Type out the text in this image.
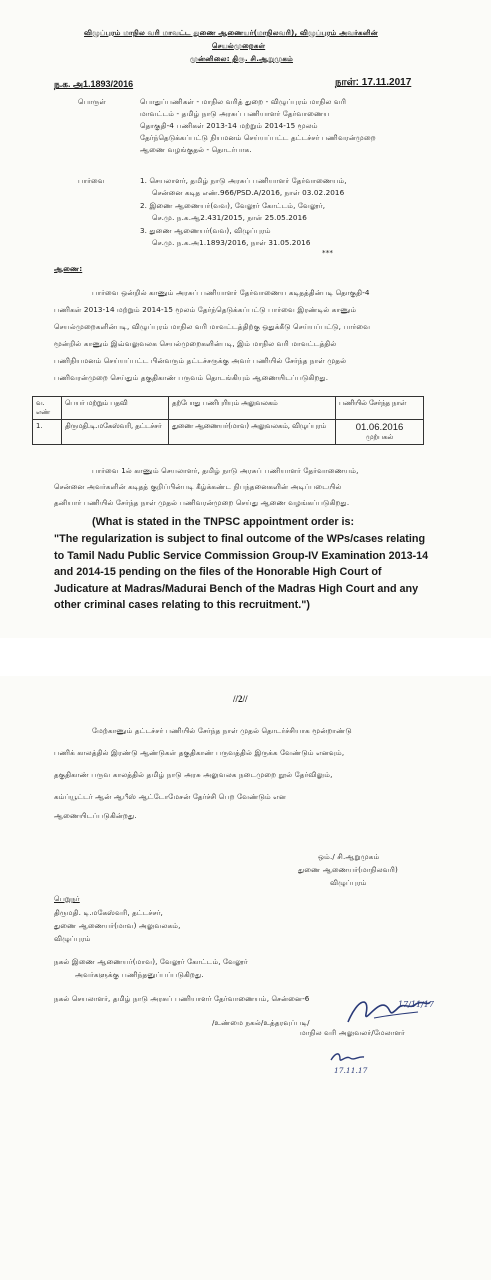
விழுப்புரம் மாநில வரி மாவட்ட துணை ஆணையர்(மாநிலவரி), விழுப்புரம் அவர்களின்
செயல்முறைகள்
முன்னிலை: திரு. சி.ஆறுமுகம்
ந.க. அ1.1893/2016	நாள்: 17.11.2017
பொருள்	பொதுப்பணிகள் - மாநில வரித் துறை - விழுப்புரம் மாநில வரி
மாவட்டம் - தமிழ் நாடு அரசுப் பணியாளர் தேர்வாணைய
தொகுதி-4 பணிகள் 2013-14 மற்றும் 2014-15 மூலம்
தேர்ந்தெடுக்கப்பட்டு நியமனம் செய்யப்பட்ட தட்டச்சர் பணிவரன்முறை
ஆணை வழங்குதல் - தொடர்பாக.
பார்வை	1. செயலாளர், தமிழ் நாடு அரசுப் பணியாளர் தேர்வாணையம்,
சென்னை கடித எண்.966/PSD.A/2016, நாள் 03.02.2016
2. இணை ஆணையர்(வவ), வேலூர் கோட்டம், வேலூர்,
செ.மு. ந.க.ஆ2.431/2015, நாள் 25.05.2016
3. துணை ஆணையர்(வவ), விழுப்புரம்
செ.மு. ந.க.அ1.1893/2016, நாள் 31.05.2016
***
ஆணை:
பார்வை ஒன்றில் காணும் அரசுப் பணியாளர் தேர்வாணைய கடிதத்தின்படி தொகுதி-4
பணிகள் 2013-14 மற்றும் 2014-15 மூலம் தேர்ந்தெடுக்கப்பட்டு பார்வை இரண்டில் காணும்
செயல்முறைகளின்படி, விழுப்புரம் மாநில வரி மாவட்டத்திற்கு ஒதுக்கீடு செய்யப்பட்டு, பார்வை
மூன்றில் காணும் இவ்வலுவலக செயல்முறைகளின்படி, இம் மாநில வரி மாவட்டத்தில்
பணிநியமனம் செய்யப்பட்ட பின்வரும் தட்டச்சருக்கு அவர் பணியில் சேர்ந்த நாள் முதல்
பணிவரன்முறை செய்தும் தகுதிகாண் பருவம் தொடங்கியும் ஆணையிடப்படுகிறது.
வ. எண்	பெயர் மற்றும் பதவி	தற்போது பணிபுரியும் அலுவலகம்	பணியில் சேர்ந்த நாள்
1.	திருமதி.டி.மகேஸ்வரி, தட்டச்சர்	துணை ஆணையர்(மாவ) அலுவலகம், விழுப்புரம்	01.06.2016
முற்பகல்
பார்வை 1ல் காணும் செயலாளர், தமிழ் நாடு அரசுப் பணியாளர் தேர்வாணையம்,
சென்னை அவர்களின் கடிதத் குறிப்பின்படி கீழ்க்கண்ட நிபந்தனைகளின் அடிப்படையில்
தனியார் பணியில் சேர்ந்த நாள் முதல் பணிவரன்முறை செய்து ஆணை வழங்கப்படுகிறது.
(What is stated in the TNPSC appointment order is:
"The regularization is subject to final outcome of the WPs/cases relating to Tamil Nadu Public Service Commission Group-IV Examination 2013-14 and 2014-15 pending on the files of the Honorable High Court of Judicature at Madras/Madurai Bench of the Madras High Court and any other criminal cases relating to this recruitment.")
//2//
மேற்காணும் தட்டச்சர் பணியில் சேர்ந்த நாள் முதல் தொடர்ச்சியாக மூன்றாண்டு
பணிக் காலத்தில் இரண்டு ஆண்டுகள் தகுதிகாண் பருவத்தில் இருக்க வேண்டும் எனவும்,
தகுதிகாண் பருவ காலத்தில் தமிழ் நாடு அரசு அலுவலக நடைமுறை நூல் தேர்விலும்,
கம்ப்யூட்டர் ஆன் ஆபீஸ் ஆட்டோமேசன் தேர்ச்சி பெற வேண்டும் என
ஆணையிடப்படுகின்றது.
ஒம்./ சி.ஆறுமுகம்
துணை ஆணையர்(மாநிலவரி)
விழுப்புரம்
பெறுநர்
திருமதி. டி.மகேஸ்வரி, தட்டச்சர்,
துணை ஆணையர்(மாவ) அலுவலகம்,
விழுப்புரம்
நகல் இணை ஆணையர்(மாவ), வேலூர் கோட்டம், வேலூர்
அவர்களுக்கு பணிந்தனுப்பப்படுகிறது.
நகல் செயலாளர், தமிழ் நாடு அரசுப் பணியாளர் தேர்வாணையம், சென்னை-6
/உண்மை நகல்/உத்தரவுப்படி/
17/11/17
மாநில வரி அலுவலர்/மேலாளர்
17.11.17
